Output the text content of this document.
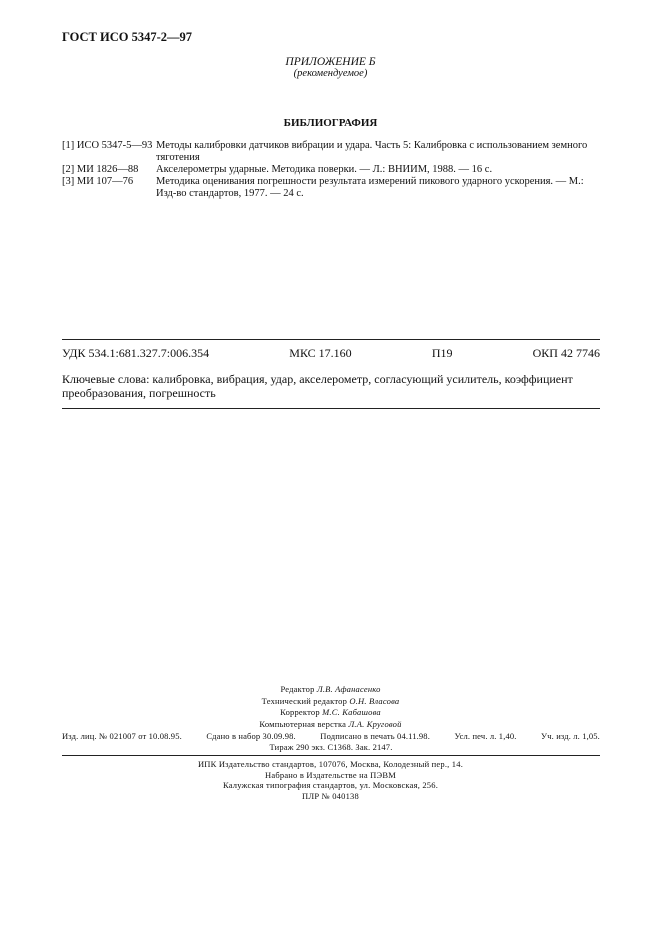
ГОСТ ИСО 5347-2—97
ПРИЛОЖЕНИЕ Б
(рекомендуемое)
БИБЛИОГРАФИЯ
[1] ИСО 5347-5—93 Методы калибровки датчиков вибрации и удара. Часть 5: Калибровка с использованием земного тяготения
[2] МИ 1826—88	Акселерометры ударные. Методика поверки. — Л.: ВНИИМ, 1988. — 16 с.
[3] МИ 107—76	Методика оценивания погрешности результата измерений пикового ударного ускорения. — М.: Изд-во стандартов, 1977. — 24 с.
УДК 534.1:681.327.7:006.354	МКС 17.160	П19	ОКП 42 7746
Ключевые слова: калибровка, вибрация, удар, акселерометр, согласующий усилитель, коэффициент преобразования, погрешность
Редактор Л.В. Афанасенко
Технический редактор О.Н. Власова
Корректор М.С. Кабашова
Компьютерная верстка Л.А. Круговой
Изд. лиц. № 021007 от 10.08.95.	Сдано в набор 30.09.98.	Подписано в печать 04.11.98.	Усл. печ. л. 1,40.	Уч. изд. л. 1,05.
Тираж 290 экз. С1368. Зак. 2147.
ИПК Издательство стандартов, 107076, Москва, Колодезный пер., 14.
Набрано в Издательстве на ПЭВМ
Калужская типография стандартов, ул. Московская, 256.
ПЛР № 040138
